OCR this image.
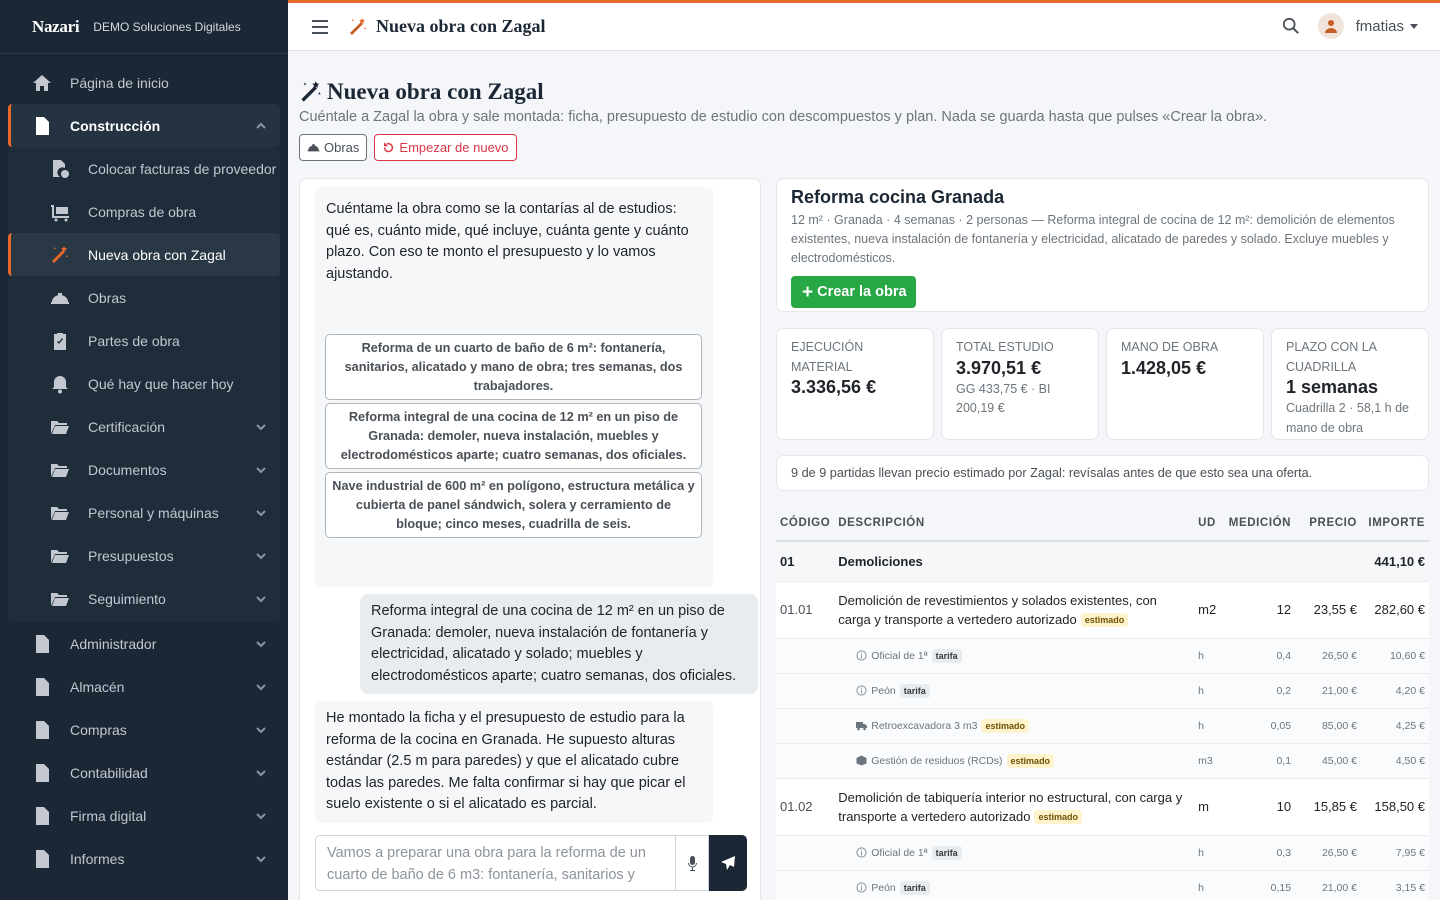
Nazari DEMO Soluciones Digitales
Página de inicio
Construcción
Colocar facturas de proveedor
Compras de obra
Nueva obra con Zagal
Obras
Partes de obra
Qué hay que hacer hoy
Certificación
Documentos
Personal y máquinas
Presupuestos
Seguimiento
Administrador
Almacén
Compras
Contabilidad
Firma digital
Informes
Nueva obra con Zagal	fmatias
Nueva obra con Zagal
Cuéntale a Zagal la obra y sale montada: ficha, presupuesto de estudio con descompuestos y plan. Nada se guarda hasta que pulses «Crear la obra».
Obras	Empezar de nuevo
Cuéntame la obra como se la contarías al de estudios: qué es, cuánto mide, qué incluye, cuánta gente y cuánto plazo. Con eso te monto el presupuesto y lo vamos ajustando.
Reforma de un cuarto de baño de 6 m²: fontanería, sanitarios, alicatado y mano de obra; tres semanas, dos trabajadores.
Reforma integral de una cocina de 12 m² en un piso de Granada: demoler, nueva instalación, muebles y electrodomésticos aparte; cuatro semanas, dos oficiales.
Nave industrial de 600 m² en polígono, estructura metálica y cubierta de panel sándwich, solera y cerramiento de bloque; cinco meses, cuadrilla de seis.
Reforma integral de una cocina de 12 m² en un piso de Granada: demoler, nueva instalación de fontanería y electricidad, alicatado y solado; muebles y electrodomésticos aparte; cuatro semanas, dos oficiales.
He montado la ficha y el presupuesto de estudio para la reforma de la cocina en Granada. He supuesto alturas estándar (2.5 m para paredes) y que el alicatado cubre todas las paredes. Me falta confirmar si hay que picar el suelo existente o si el alicatado es parcial.
Vamos a preparar una obra para la reforma de un cuarto de baño de 6 m3: fontanería, sanitarios y
Reforma cocina Granada

12 m² · Granada · 4 semanas · 2 personas — Reforma integral de cocina de 12 m²: demolición de elementos existentes, nueva instalación de fontanería y electricidad, alicatado de paredes y solado. Excluye muebles y electrodomésticos.

+ Crear la obra
EJECUCIÓN MATERIAL
3.336,56 €
TOTAL ESTUDIO
3.970,51 €
GG 433,75 € · BI 200,19 €
MANO DE OBRA
1.428,05 €
PLAZO CON LA CUADRILLA
1 semanas
Cuadrilla 2 · 58,1 h de mano de obra
9 de 9 partidas llevan precio estimado por Zagal: revísalas antes de que esto sea una oferta.
CÓDIGO	DESCRIPCIÓN	UD	MEDICIÓN	PRECIO	IMPORTE
01	Demoliciones				441,10 €
01.01	Demolición de revestimientos y solados existentes, con carga y transporte a vertedero autorizado estimado	m2	12	23,55 €	282,60 €
	Oficial de 1ª tarifa	h	0,4	26,50 €	10,60 €
	Peón tarifa	h	0,2	21,00 €	4,20 €
	Retroexcavadora 3 m3 estimado	h	0,05	85,00 €	4,25 €
	Gestión de residuos (RCDs) estimado	m3	0,1	45,00 €	4,50 €
01.02	Demolición de tabiquería interior no estructural, con carga y transporte a vertedero autorizado estimado	m	10	15,85 €	158,50 €
	Oficial de 1ª tarifa	h	0,3	26,50 €	7,95 €
	Peón tarifa	h	0,15	21,00 €	3,15 €
